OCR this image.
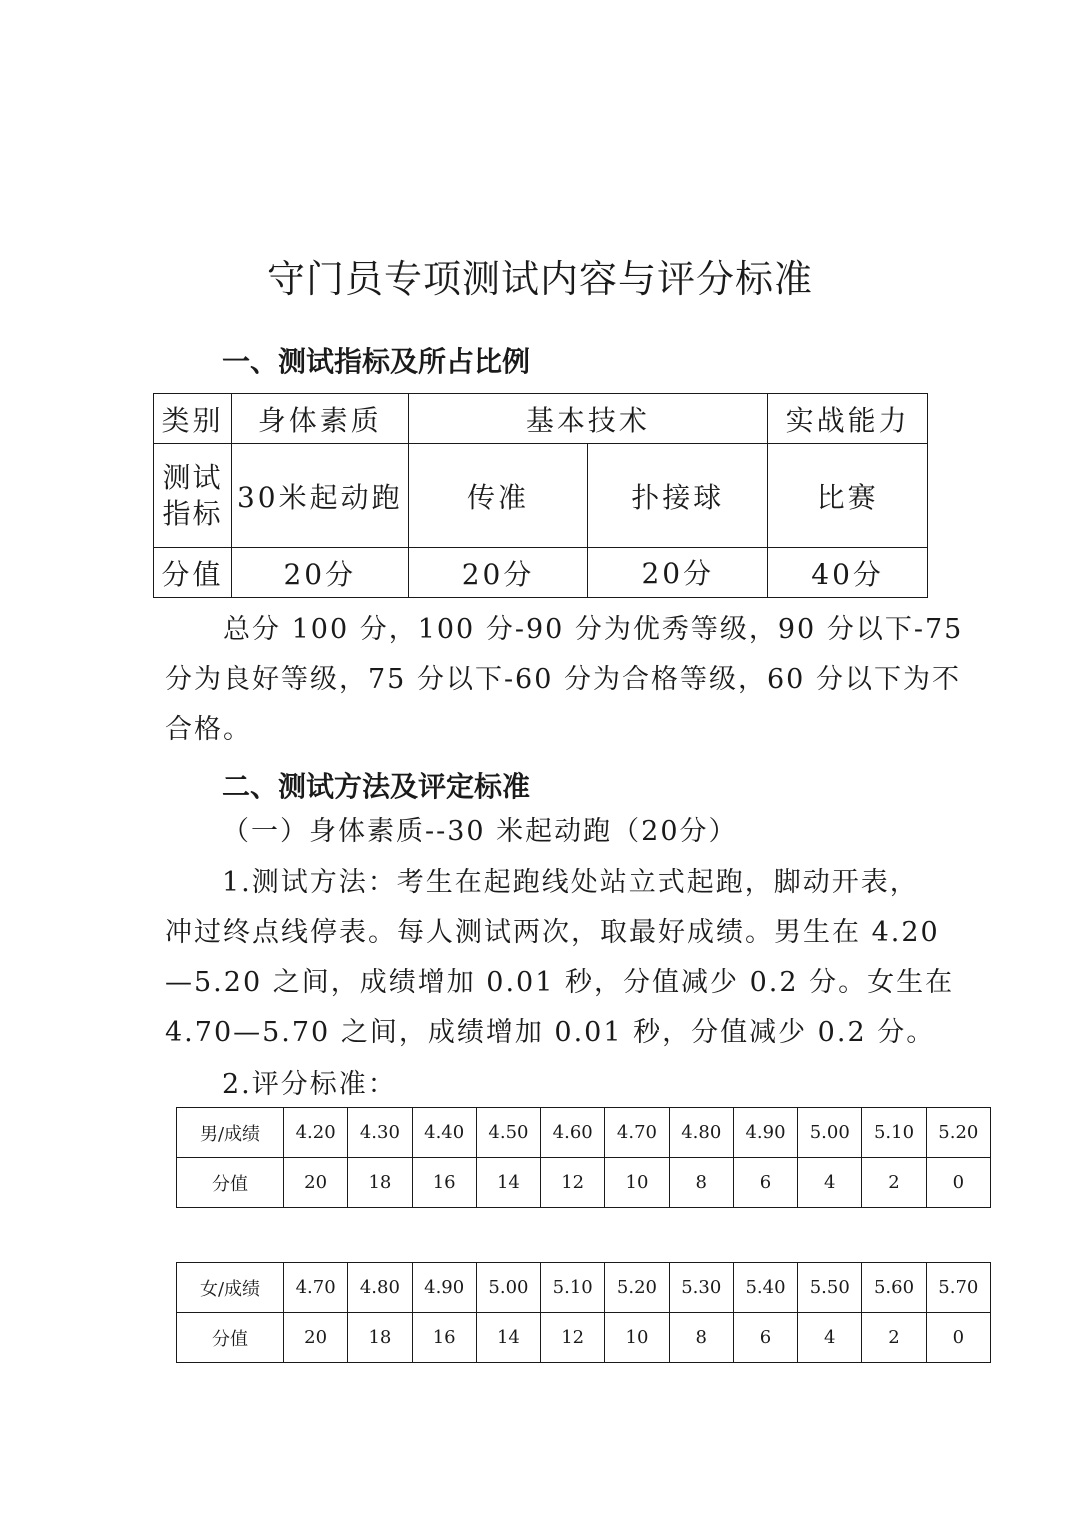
守门员专项测试内容与评分标准
一、测试指标及所占比例
类别	身体素质	基本技术		实战能力

测试
指标	30米起动跑	传准	扑接球	比赛
分值	20分	20分	20分	40分
总分 100 分，100 分-90 分为优秀等级，90 分以下-75
分为良好等级，75 分以下-60 分为合格等级，60 分以下为不
合格。
二、测试方法及评定标准
（一）身体素质--30 米起动跑（20分）
1.测试方法：考生在起跑线处站立式起跑，脚动开表，
冲过终点线停表。每人测试两次，取最好成绩。男生在 4.20
—5.20 之间，成绩增加 0.01 秒，分值减少 0.2 分。女生在
4.70—5.70 之间，成绩增加 0.01 秒，分值减少 0.2 分。
2.评分标准：
男/成绩	4.20	4.30	4.40	4.50	4.60	4.70	4.80	4.90	5.00	5.10	5.20
分值	20	18	16	14	12	10	8	6	4	2	0
女/成绩	4.70	4.80	4.90	5.00	5.10	5.20	5.30	5.40	5.50	5.60	5.70
分值	20	18	16	14	12	10	8	6	4	2	0
